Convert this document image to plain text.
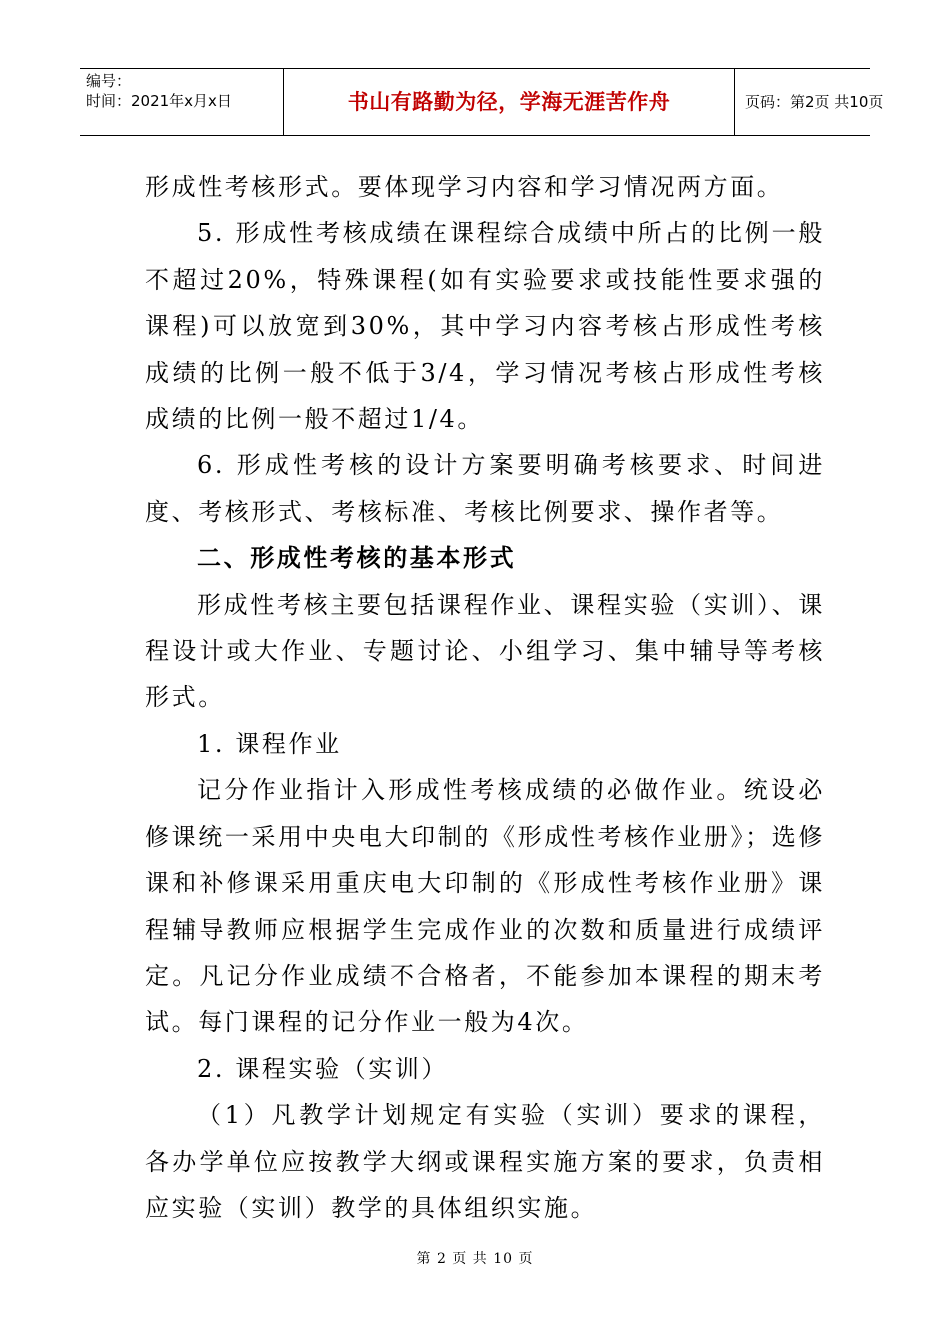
编号：
时间：2021年x月x日	书山有路勤为径，学海无涯苦作舟	页码：第2页 共10页

形成性考核形式。要体现学习内容和学习情况两方面。

5. 形成性考核成绩在课程综合成绩中所占的比例一般不超过20%，特殊课程(如有实验要求或技能性要求强的课程)可以放宽到30%，其中学习内容考核占形成性考核成绩的比例一般不低于3/4，学习情况考核占形成性考核成绩的比例一般不超过1/4。

6. 形成性考核的设计方案要明确考核要求、时间进度、考核形式、考核标准、考核比例要求、操作者等。

二、形成性考核的基本形式

形成性考核主要包括课程作业、课程实验（实训）、课程设计或大作业、专题讨论、小组学习、集中辅导等考核形式。

1. 课程作业

记分作业指计入形成性考核成绩的必做作业。统设必修课统一采用中央电大印制的《形成性考核作业册》；选修课和补修课采用重庆电大印制的《形成性考核作业册》课程辅导教师应根据学生完成作业的次数和质量进行成绩评定。凡记分作业成绩不合格者，不能参加本课程的期末考试。每门课程的记分作业一般为4次。

2. 课程实验（实训）

（1）凡教学计划规定有实验（实训）要求的课程，各办学单位应按教学大纲或课程实施方案的要求，负责相应实验（实训）教学的具体组织实施。

第 2 页 共 10 页
